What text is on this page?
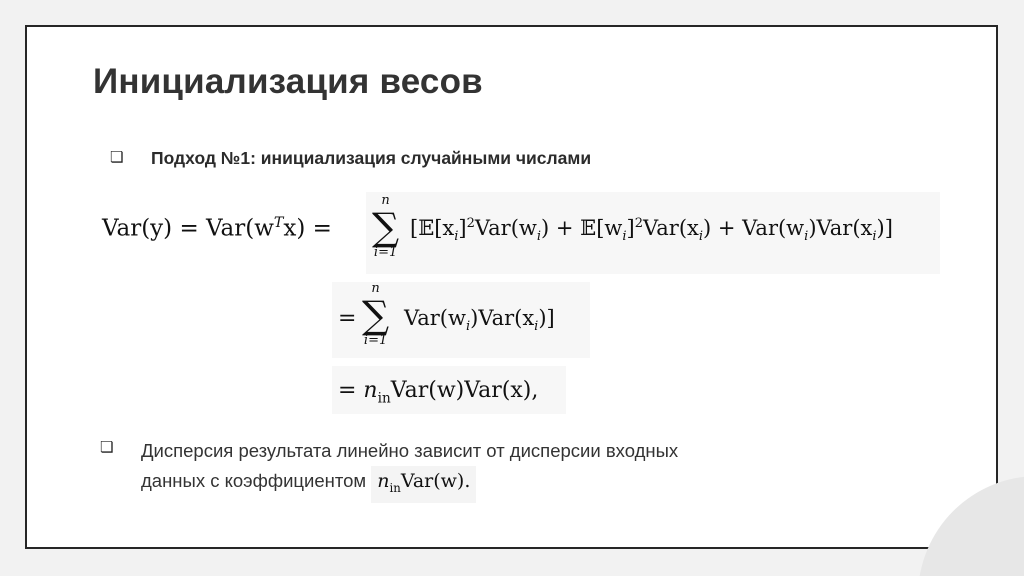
Инициализация весов
❏ Подход №1: инициализация случайными числами
$Var(y) = Var(w^Tx)$ =
n
∑
i=1
[$𝔼[x_i]^2Var(w_i)$ + $𝔼[w_i]^2Var(x_i) + Var(w_i)Var(x_i)$]
=
n
∑
i=1
$Var(w_i)Var(x_i)$]
= $n_{in}Var(w)Var(x)$,
❏ Дисперсия результата линейно зависит от дисперсии входных
данных с коэффициентом $n_{in}Var(w)$.
